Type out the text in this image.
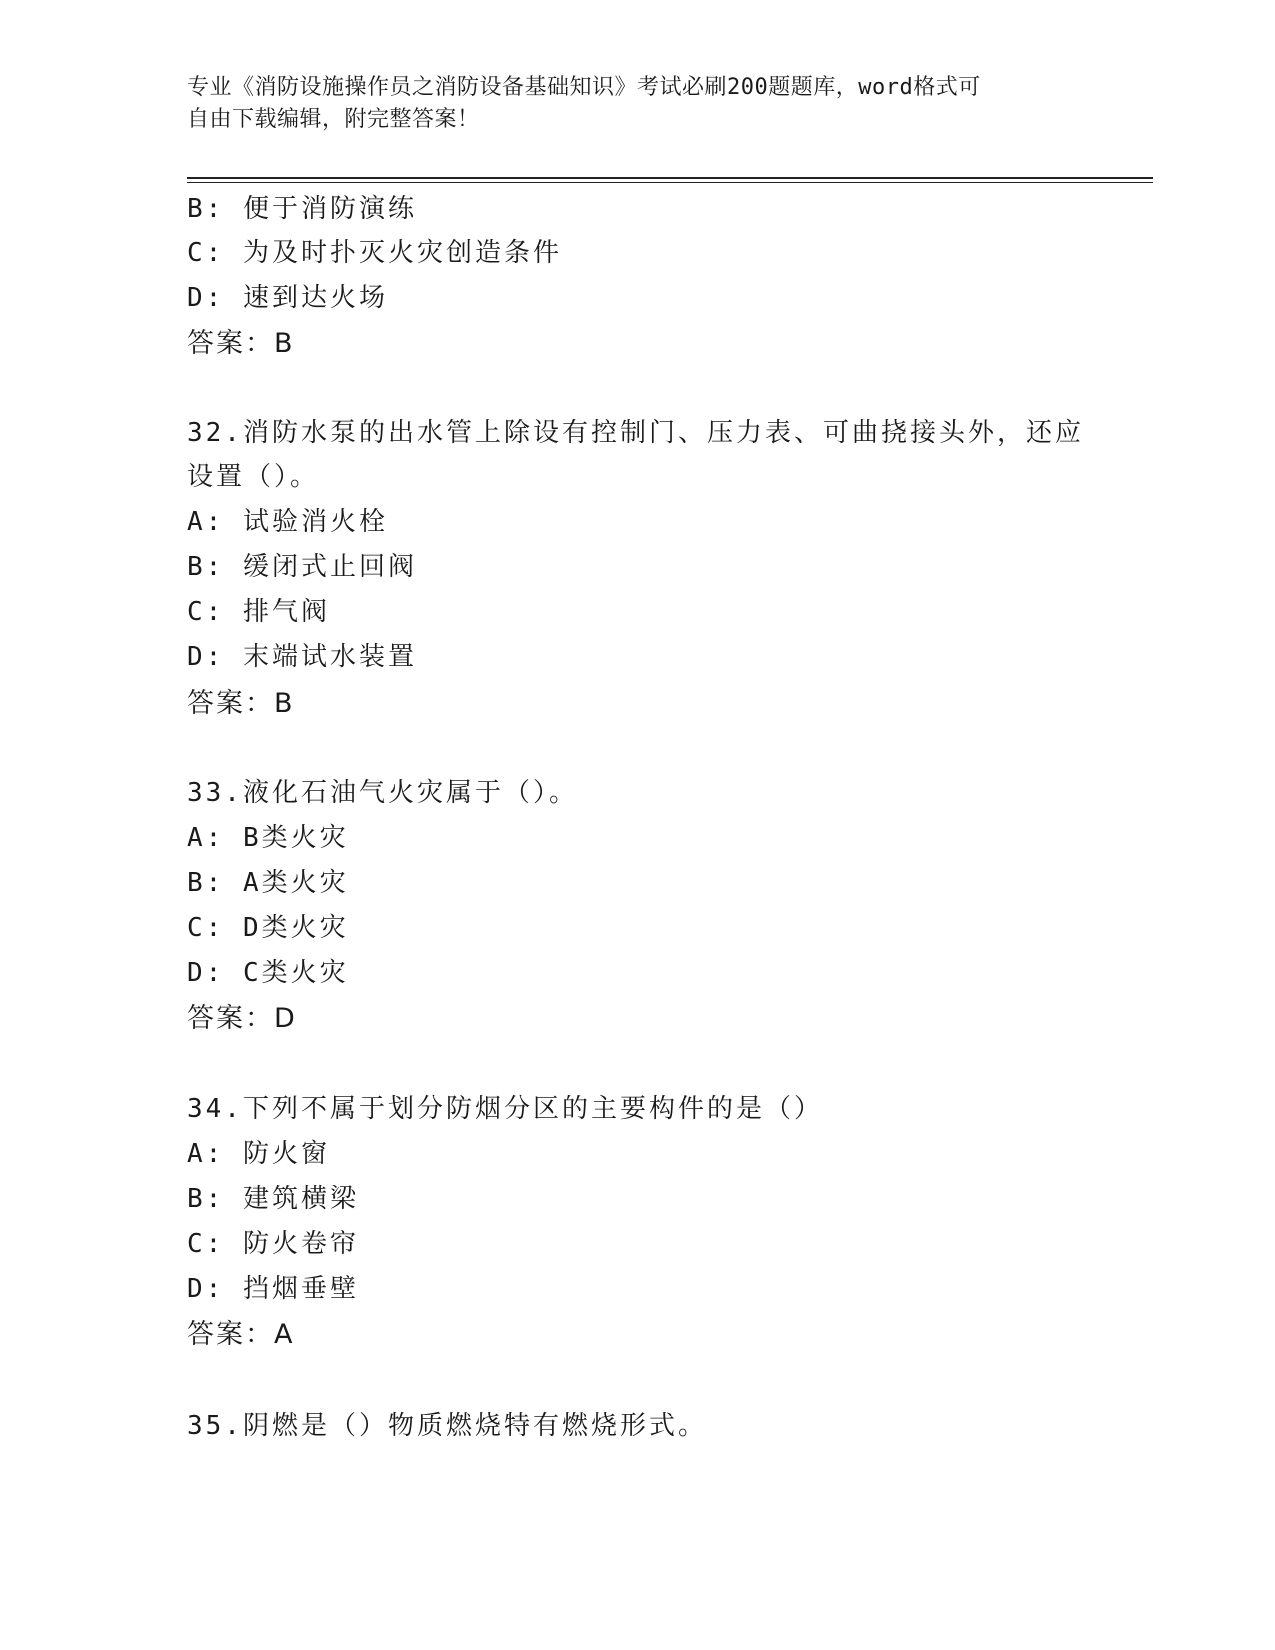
专业《消防设施操作员之消防设备基础知识》考试必刷200题题库，word格式可
自由下载编辑，附完整答案！
B: 便于消防演练
C: 为及时扑灭火灾创造条件
D: 速到达火场
答案：B
32.消防水泵的出水管上除设有控制门、压力表、可曲挠接头外，还应
设置（）。
A: 试验消火栓
B: 缓闭式止回阀
C: 排气阀
D: 末端试水装置
答案：B
33.液化石油气火灾属于（）。
A: B类火灾
B: A类火灾
C: D类火灾
D: C类火灾
答案：D
34.下列不属于划分防烟分区的主要构件的是（）
A: 防火窗
B: 建筑横梁
C: 防火卷帘
D: 挡烟垂壁
答案：A
35.阴燃是（）物质燃烧特有燃烧形式。
